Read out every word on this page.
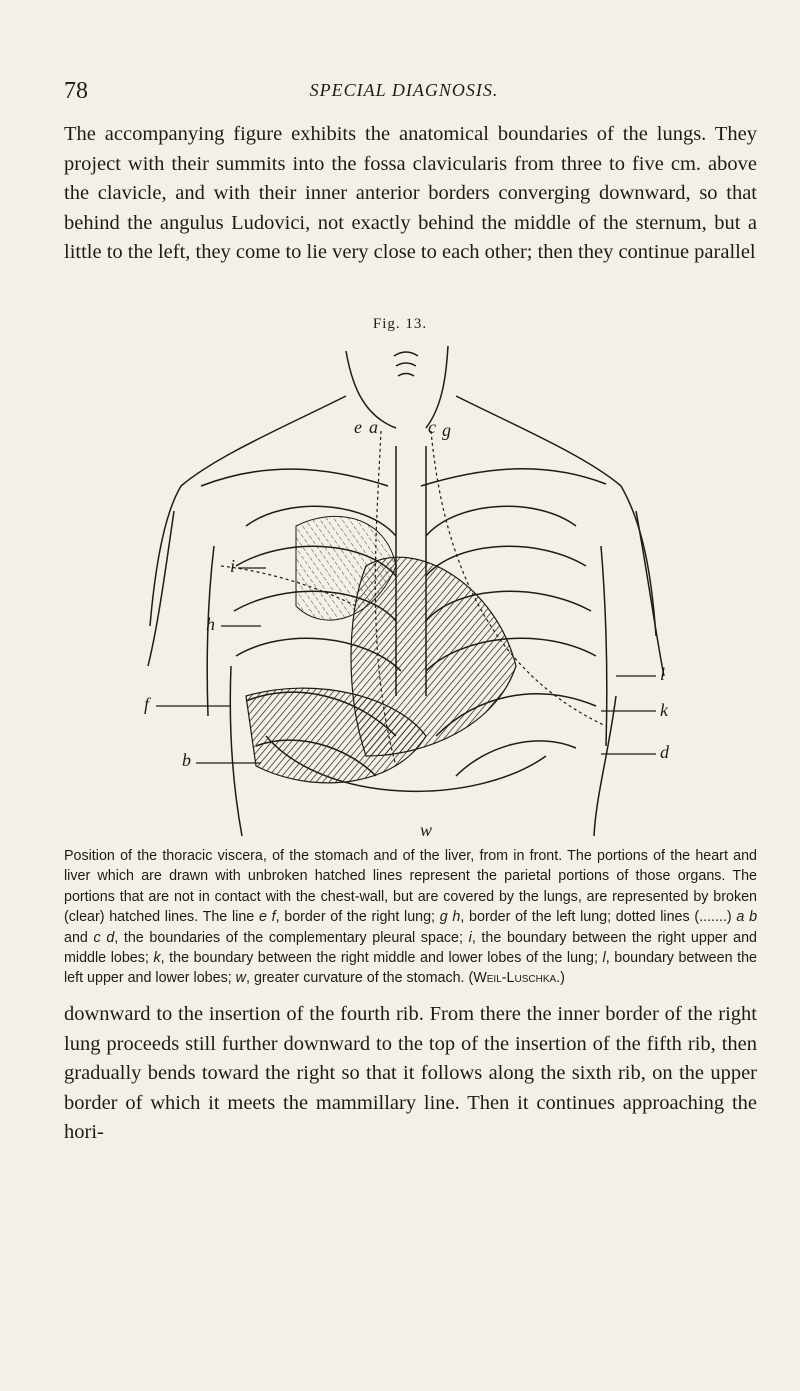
78	SPECIAL DIAGNOSIS.

The accompanying figure exhibits the anatomical boundaries of the lungs. They project with their summits into the fossa clavicularis from three to five cm. above the clavicle, and with their inner anterior borders converging downward, so that behind the angulus Ludovici, not exactly behind the middle of the sternum, but a little to the left, they come to lie very close to each other; then they continue parallel

Fig. 13.
e a	c g
i
h
f
b
l
k
d
w

Position of the thoracic viscera, of the stomach and of the liver, from in front. The portions of the heart and liver which are drawn with unbroken hatched lines represent the parietal portions of those organs. The portions that are not in contact with the chest-wall, but are covered by the lungs, are represented by broken (clear) hatched lines. The line e f, border of the right lung; g h, border of the left lung; dotted lines (.......) a b and c d, the boundaries of the complementary pleural space; i, the boundary between the right upper and middle lobes; k, the boundary between the right middle and lower lobes of the lung; l, boundary between the left upper and lower lobes; w, greater curvature of the stomach. (Weil-Luschka.)

downward to the insertion of the fourth rib. From there the inner border of the right lung proceeds still further downward to the top of the insertion of the fifth rib, then gradually bends toward the right so that it follows along the sixth rib, on the upper border of which it meets the mammillary line. Then it continues approaching the hori-
